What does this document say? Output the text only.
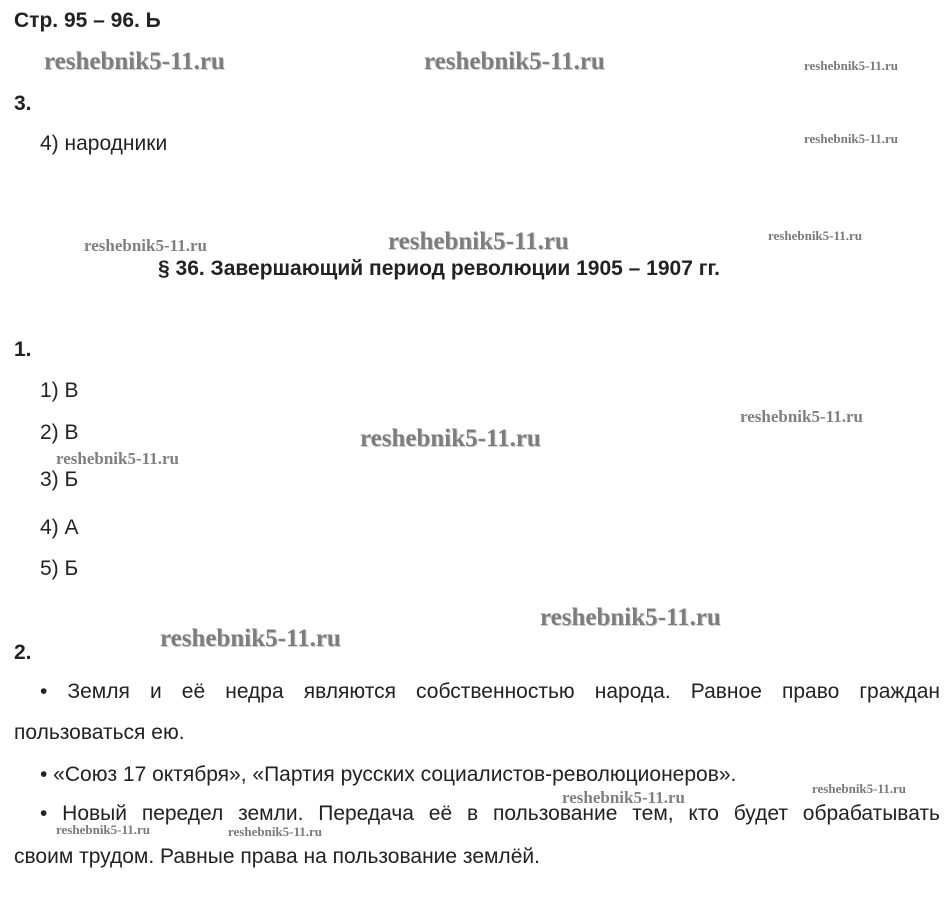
Стр. 95 – 96. Ь
3.
4) народники
§ 36. Завершающий период революции 1905 – 1907 гг.
1.
1) В
2) В
3) Б
4) А
5) Б
2.
• Земля и её недра являются собственностью народа. Равное право граждан
пользоваться ею.
• «Союз 17 октября», «Партия русских социалистов-революционеров».
• Новый передел земли. Передача её в пользование тем, кто будет обрабатывать
своим трудом. Равные права на пользование землёй.
reshebnik5-11.ru	reshebnik5-11.ru	reshebnik5-11.ru
reshebnik5-11.ru
reshebnik5-11.ru	reshebnik5-11.ru	reshebnik5-11.ru
reshebnik5-11.ru
reshebnik5-11.ru
reshebnik5-11.ru
reshebnik5-11.ru
reshebnik5-11.ru
reshebnik5-11.ru	reshebnik5-11.ru
reshebnik5-11.ru	reshebnik5-11.ru
